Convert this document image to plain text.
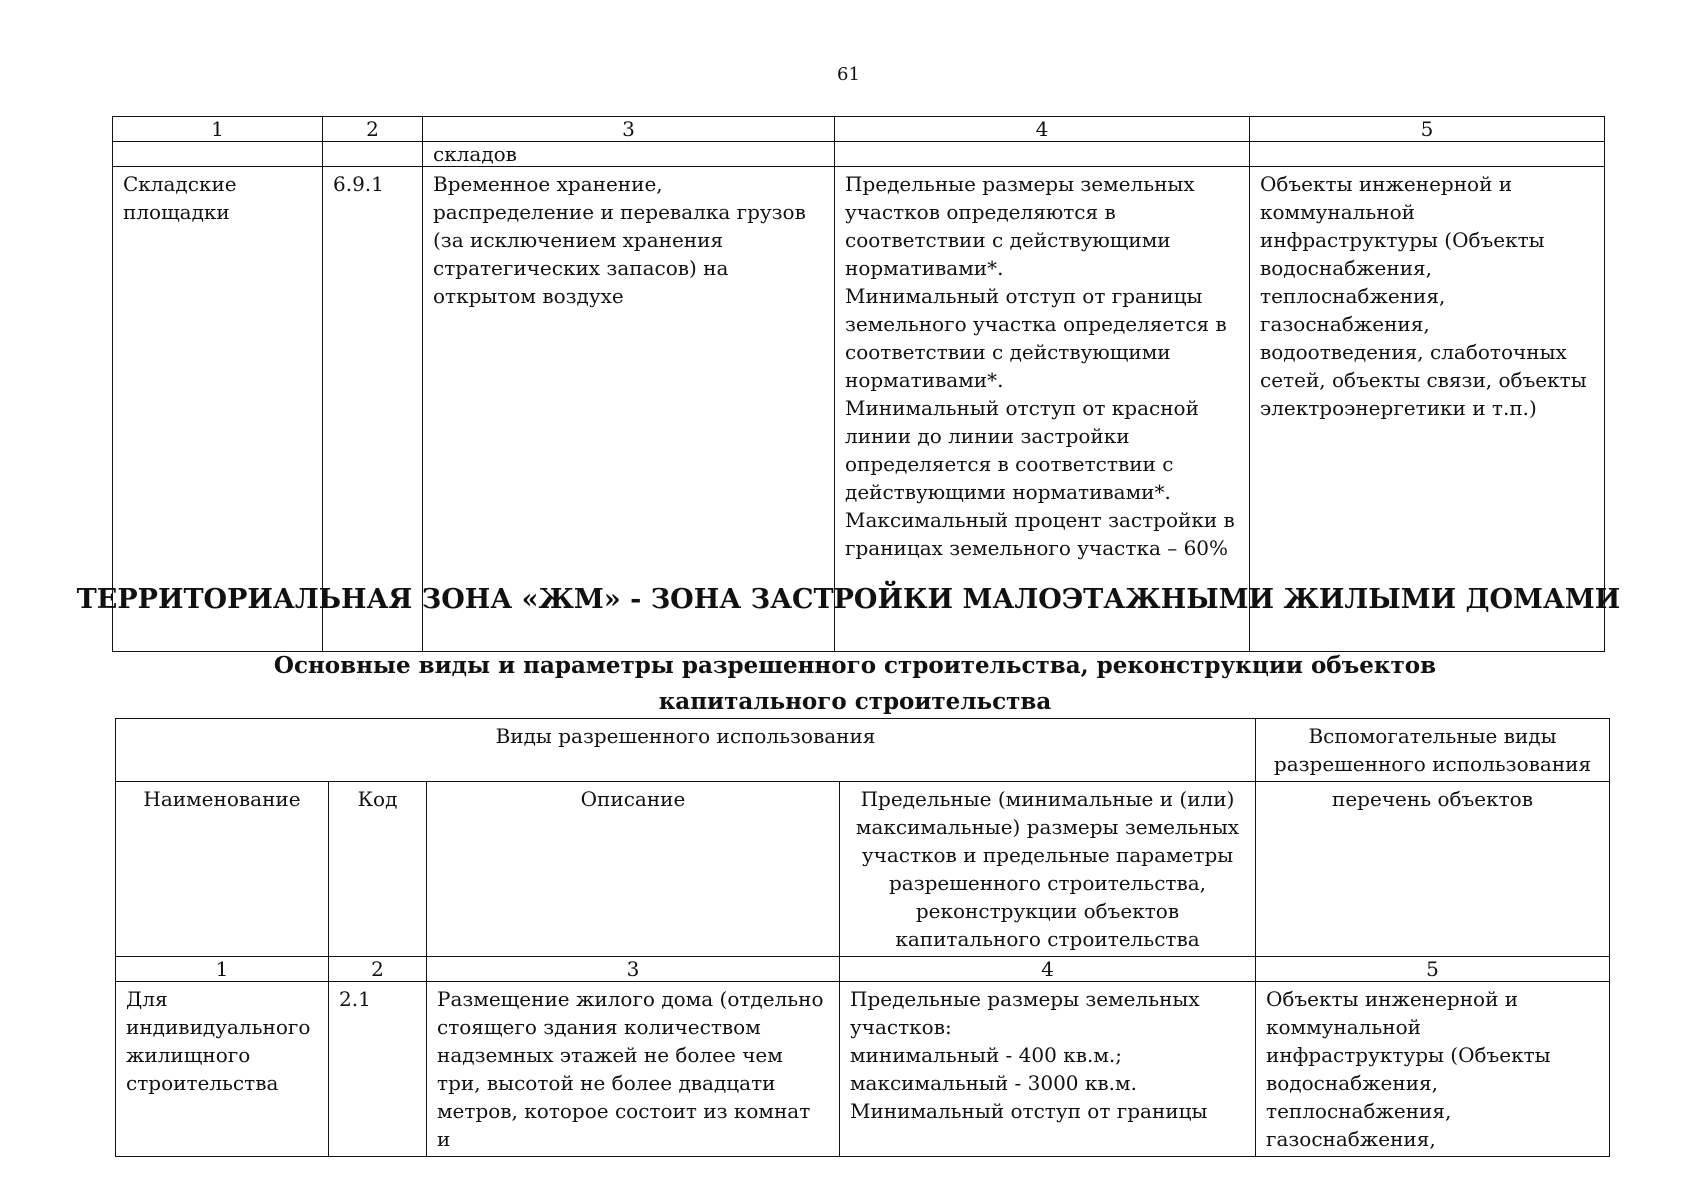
61
1	2	3	4	5
		складов		
Складские площадки	6.9.1	Временное хранение, распределение и перевалка грузов (за исключением хранения стратегических запасов) на открытом воздухе	Предельные размеры земельных участков определяются в соответствии с действующими нормативами*.
Минимальный отступ от границы земельного участка определяется в соответствии с действующими нормативами*.
Минимальный отступ от красной линии до линии застройки определяется в соответствии с действующими нормативами*.
Максимальный процент застройки в границах земельного участка – 60%	Объекты инженерной и коммунальной инфраструктуры (Объекты водоснабжения, теплоснабжения, газоснабжения, водоотведения, слаботочных сетей, объекты связи, объекты электроэнергетики и т.п.)
ТЕРРИТОРИАЛЬНАЯ ЗОНА «ЖМ» - ЗОНА ЗАСТРОЙКИ МАЛОЭТАЖНЫМИ ЖИЛЫМИ ДОМАМИ
Основные виды и параметры разрешенного строительства, реконструкции объектов капитального строительства
Виды разрешенного использования				Вспомогательные виды разрешенного использования
Наименование	Код	Описание	Предельные (минимальные и (или) максимальные) размеры земельных участков и предельные параметры разрешенного строительства, реконструкции объектов капитального строительства	перечень объектов
1	2	3	4	5
Для индивидуального жилищного строительства	2.1	Размещение жилого дома (отдельно стоящего здания количеством надземных этажей не более чем три, высотой не более двадцати метров, которое состоит из комнат и	Предельные размеры земельных участков:
минимальный - 400 кв.м.;
максимальный - 3000 кв.м.
Минимальный отступ от границы	Объекты инженерной и коммунальной инфраструктуры (Объекты водоснабжения, теплоснабжения, газоснабжения,
